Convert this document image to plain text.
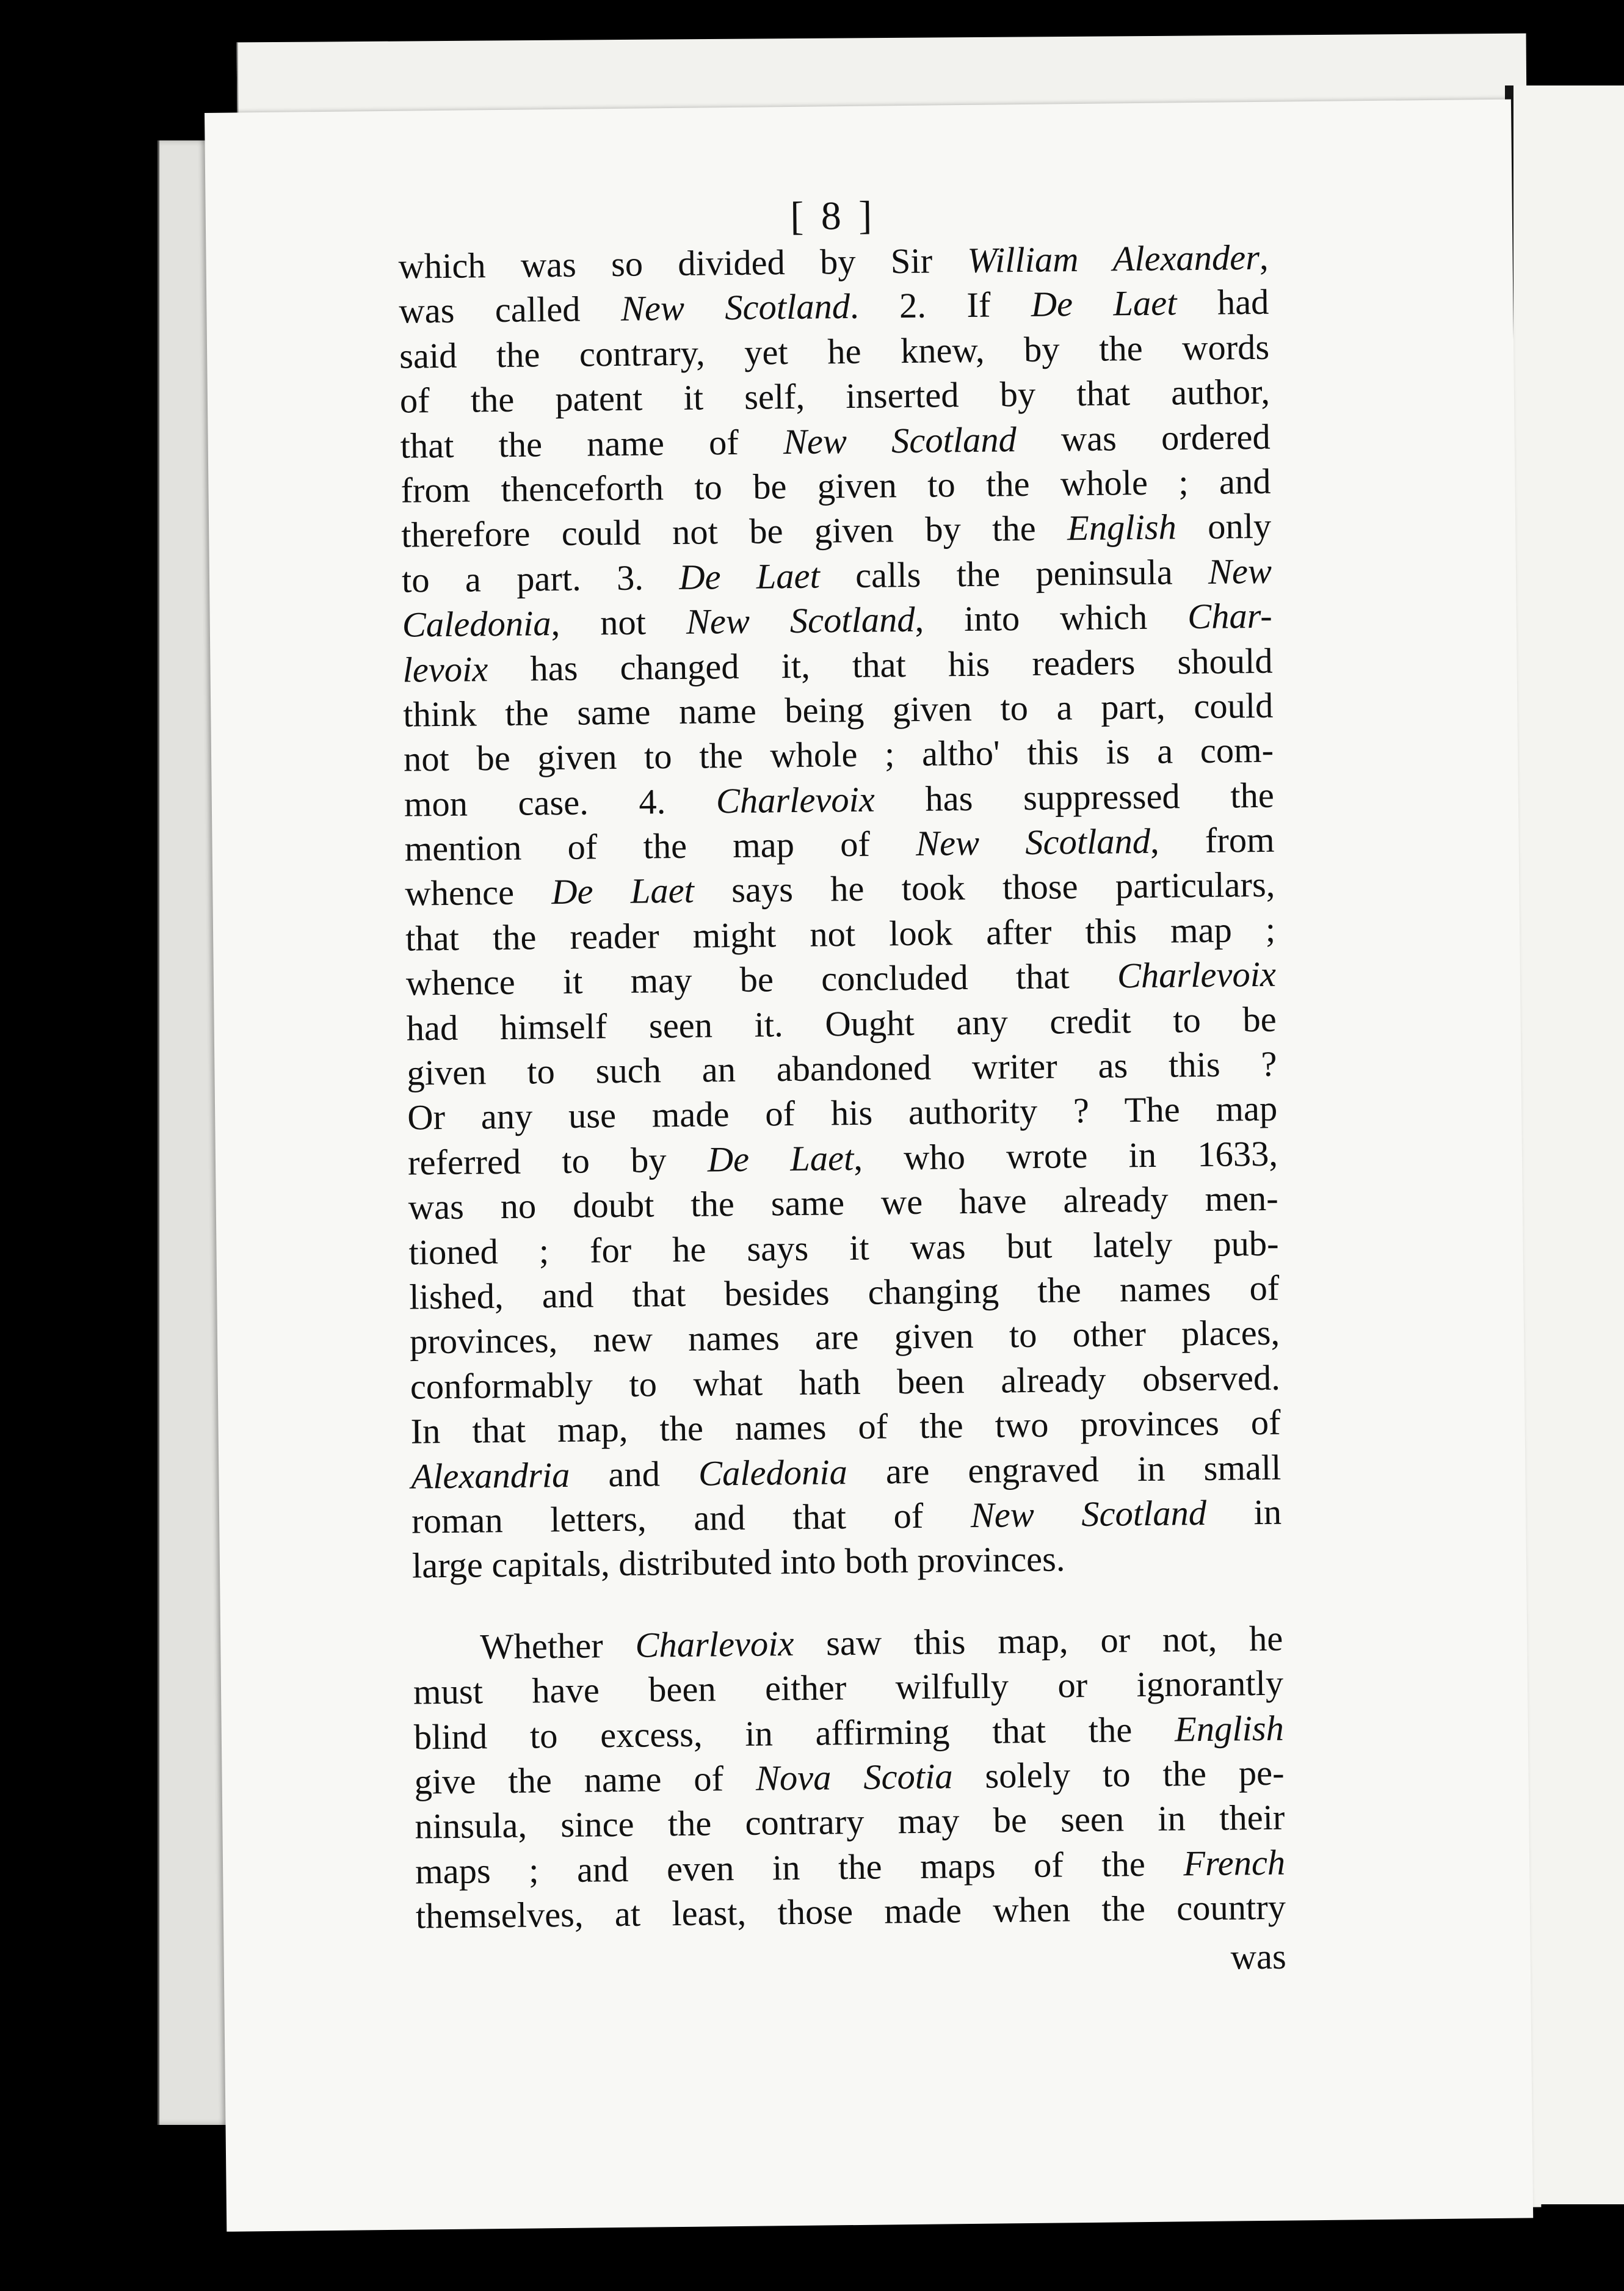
[ 8 ]
which was so divided by Sir William Alexander,
was called New Scotland. 2. If De Laet had
said the contrary, yet he knew, by the words
of the patent it self, inserted by that author,
that the name of New Scotland was ordered
from thenceforth to be given to the whole ; and
therefore could not be given by the English only
to a part. 3. De Laet calls the peninsula New
Caledonia, not New Scotland, into which Char-
levoix has changed it, that his readers should
think the same name being given to a part, could
not be given to the whole ; altho' this is a com-
mon case. 4. Charlevoix has suppressed the
mention of the map of New Scotland, from
whence De Laet says he took those particulars,
that the reader might not look after this map ;
whence it may be concluded that Charlevoix
had himself seen it. Ought any credit to be
given to such an abandoned writer as this ?
Or any use made of his authority ? The map
referred to by De Laet, who wrote in 1633,
was no doubt the same we have already men-
tioned ; for he says it was but lately pub-
lished, and that besides changing the names of
provinces, new names are given to other places,
conformably to what hath been already observed.
In that map, the names of the two provinces of
Alexandria and Caledonia are engraved in small
roman letters, and that of New Scotland in
large capitals, distributed into both provinces.
Whether Charlevoix saw this map, or not, he
must have been either wilfully or ignorantly
blind to excess, in affirming that the English
give the name of Nova Scotia solely to the pe-
ninsula, since the contrary may be seen in their
maps ; and even in the maps of the French
themselves, at least, those made when the country
was
